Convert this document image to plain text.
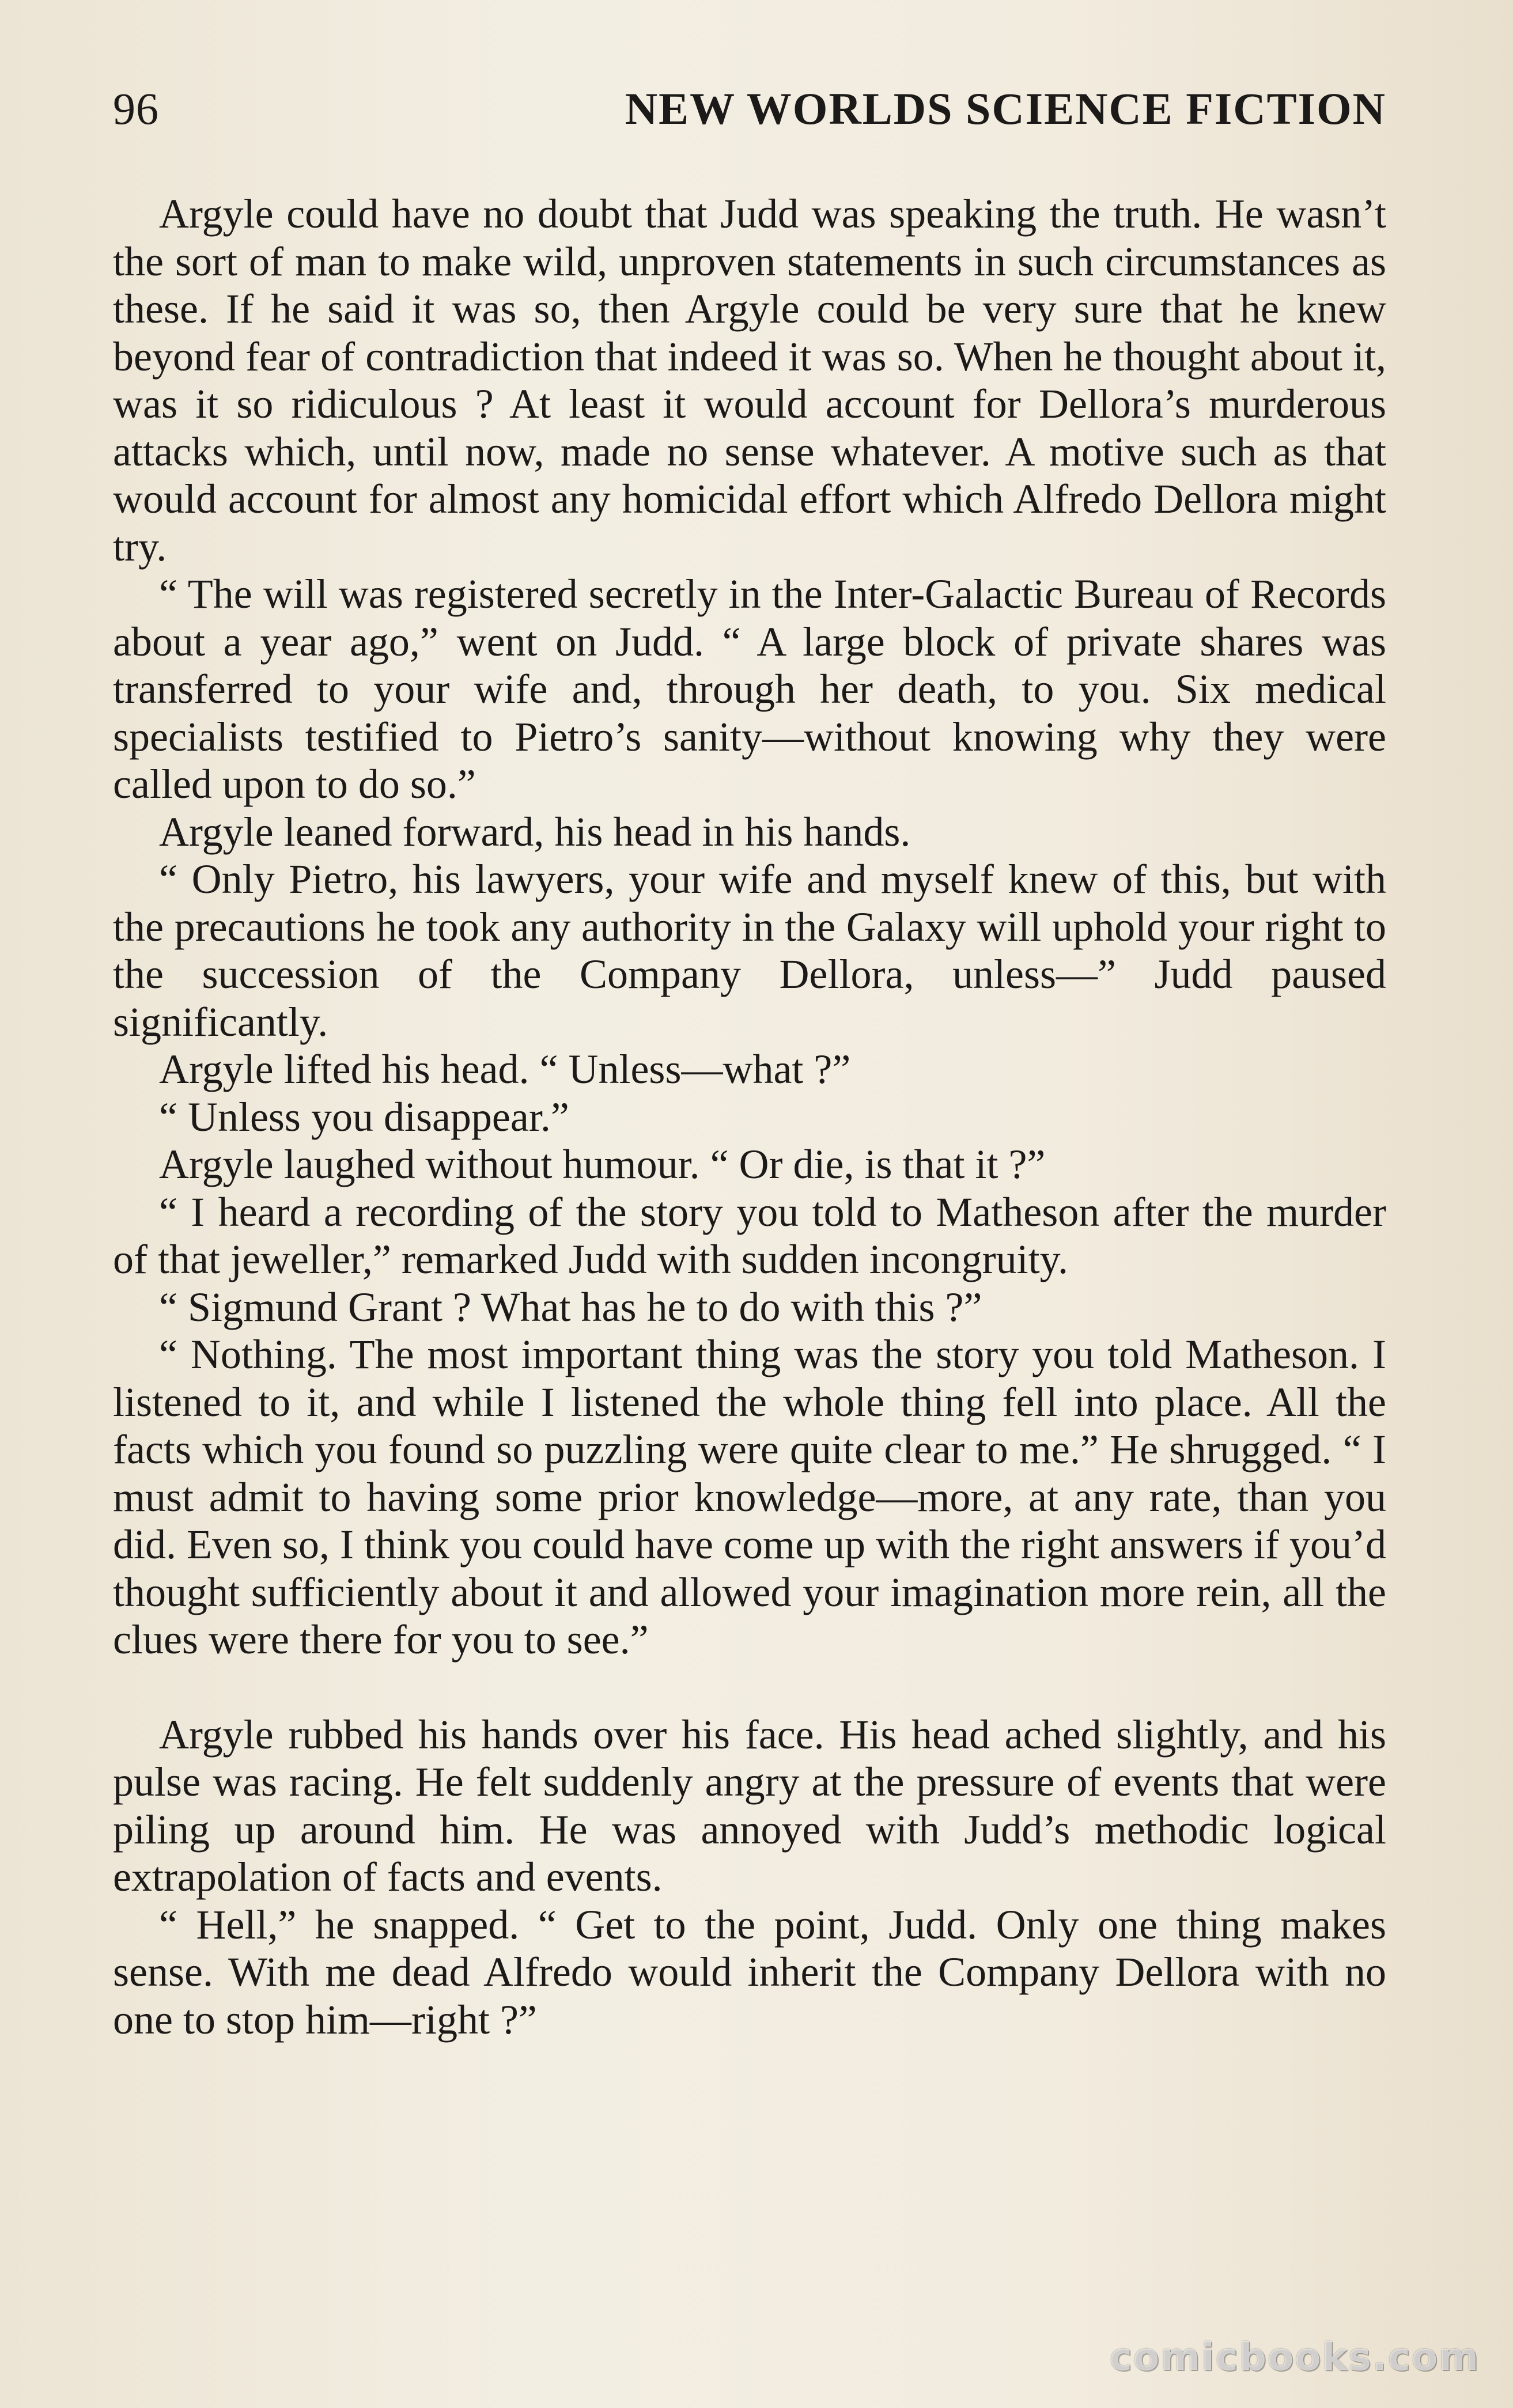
96	NEW WORLDS SCIENCE FICTION

Argyle could have no doubt that Judd was speaking the truth. He wasn’t the sort of man to make wild, unproven statements in such circumstances as these. If he said it was so, then Argyle could be very sure that he knew beyond fear of contradiction that indeed it was so. When he thought about it, was it so ridiculous ? At least it would account for Dellora’s murderous attacks which, until now, made no sense whatever. A motive such as that would account for almost any homicidal effort which Alfredo Dellora might try.

“ The will was registered secretly in the Inter-Galactic Bureau of Records about a year ago,” went on Judd. “ A large block of private shares was transferred to your wife and, through her death, to you. Six medical specialists testified to Pietro’s sanity—without knowing why they were called upon to do so.”

Argyle leaned forward, his head in his hands.

“ Only Pietro, his lawyers, your wife and myself knew of this, but with the precautions he took any authority in the Galaxy will uphold your right to the succession of the Company Dellora, unless—” Judd paused significantly.

Argyle lifted his head. “ Unless—what ?”

“ Unless you disappear.”

Argyle laughed without humour. “ Or die, is that it ?”

“ I heard a recording of the story you told to Matheson after the murder of that jeweller,” remarked Judd with sudden incongruity.

“ Sigmund Grant ? What has he to do with this ?”

“ Nothing. The most important thing was the story you told Matheson. I listened to it, and while I listened the whole thing fell into place. All the facts which you found so puzzling were quite clear to me.” He shrugged. “ I must admit to having some prior knowledge—more, at any rate, than you did. Even so, I think you could have come up with the right answers if you’d thought sufficiently about it and allowed your imagination more rein, all the clues were there for you to see.”

Argyle rubbed his hands over his face. His head ached slightly, and his pulse was racing. He felt suddenly angry at the pressure of events that were piling up around him. He was annoyed with Judd’s methodic logical extrapolation of facts and events.

“ Hell,” he snapped. “ Get to the point, Judd. Only one thing makes sense. With me dead Alfredo would inherit the Company Dellora with no one to stop him—right ?”

comicbooks.com
